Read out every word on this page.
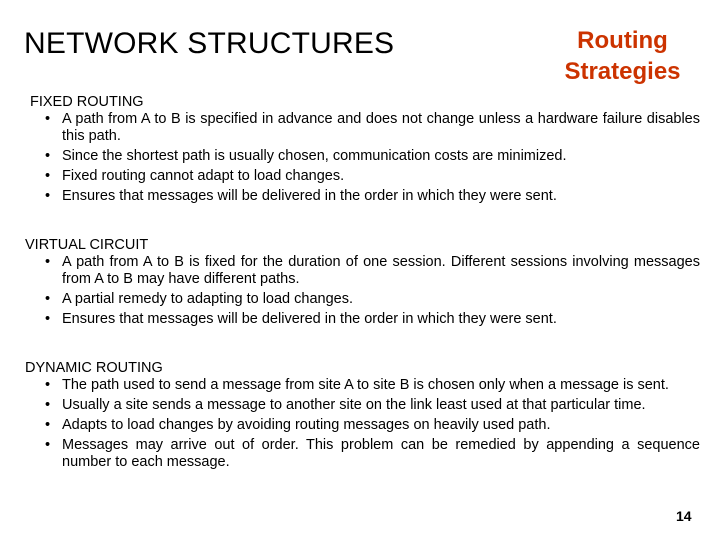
NETWORK STRUCTURES	Routing
Strategies
FIXED ROUTING
• A path from A to B is specified in advance and does not change unless a hardware failure disables this path.
• Since the shortest path is usually chosen, communication costs are minimized.
• Fixed routing cannot adapt to load changes.
• Ensures that messages will be delivered in the order in which they were sent.
VIRTUAL CIRCUIT
• A path from A to B is fixed for the duration of one session. Different sessions involving messages from A to B may have different paths.
• A partial remedy to adapting to load changes.
• Ensures that messages will be delivered in the order in which they were sent.
DYNAMIC ROUTING
• The path used to send a message from site A to site B is chosen only when a message is sent.
• Usually a site sends a message to another site on the link least used at that particular time.
• Adapts to load changes by avoiding routing messages on heavily used path.
• Messages may arrive out of order. This problem can be remedied by appending a sequence number to each message.
14
